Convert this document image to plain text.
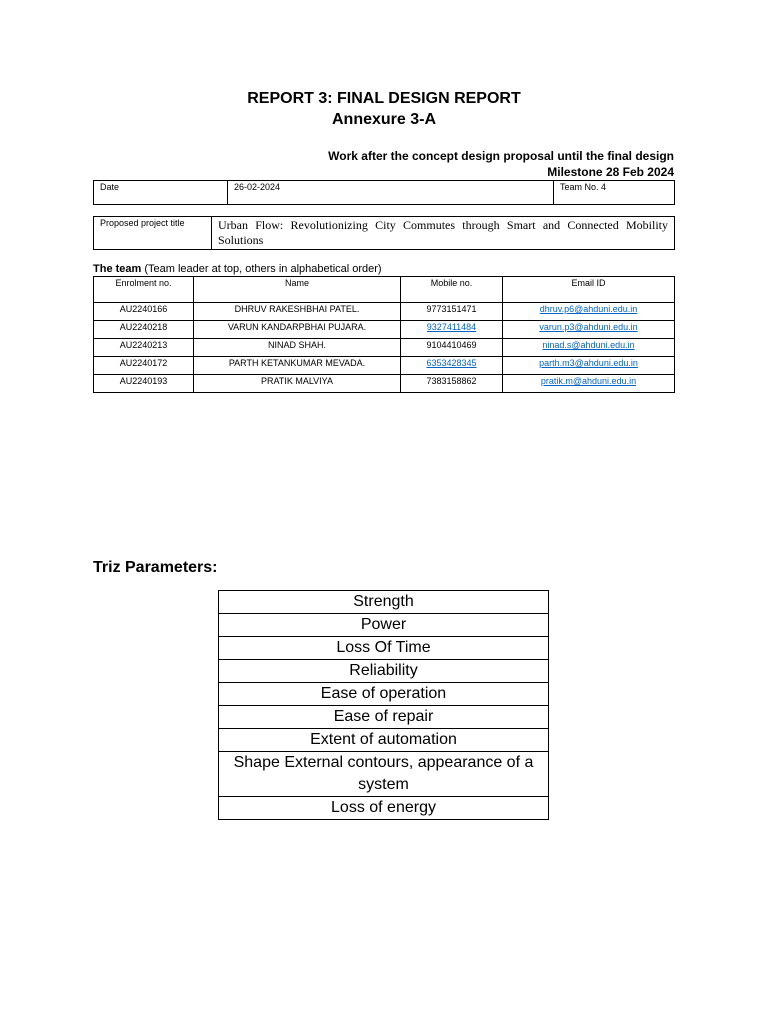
REPORT 3: FINAL DESIGN REPORT
Annexure 3-A
Work after the concept design proposal until the final design
Milestone 28 Feb 2024
Date	26-02-2024	Team No. 4
Proposed project title	Urban Flow: Revolutionizing City Commutes through Smart and Connected Mobility Solutions
The team (Team leader at top, others in alphabetical order)
Enrolment no.	Name	Mobile no.	Email ID
AU2240166	DHRUV RAKESHBHAI PATEL.	9773151471	dhruv.p6@ahduni.edu.in
AU2240218	VARUN KANDARPBHAI PUJARA.	9327411484	varun.p3@ahduni.edu.in
AU2240213	NINAD SHAH.	9104410469	ninad.s@ahduni.edu.in
AU2240172	PARTH KETANKUMAR MEVADA.	6353428345	parth.m3@ahduni.edu.in
AU2240193	PRATIK MALVIYA	7383158862	pratik.m@ahduni.edu.in
Triz Parameters:
Strength
Power
Loss Of Time
Reliability
Ease of operation
Ease of repair
Extent of automation
Shape External contours, appearance of a system
Loss of energy
